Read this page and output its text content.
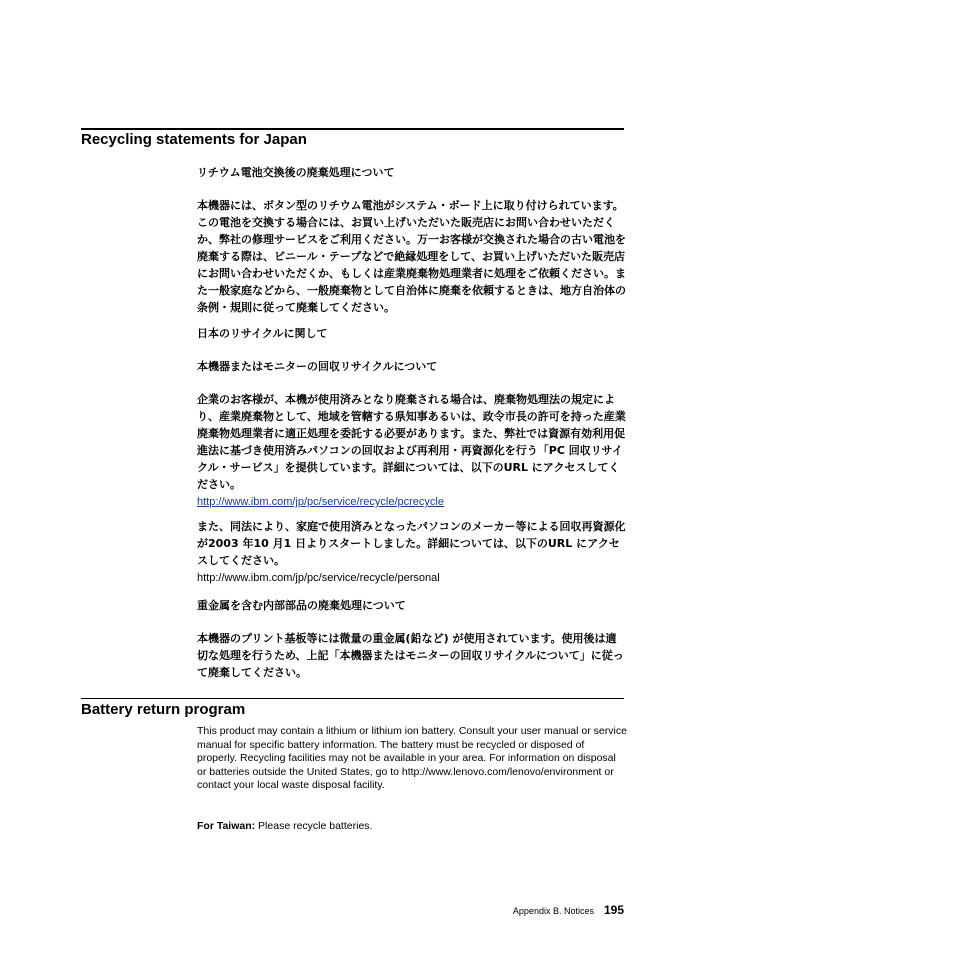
Recycling statements for Japan
リチウム電池交換後の廃棄処理について
本機器には、ボタン型のリチウム電池がシステム・ボード上に取り付けられています。この電池を交換する場合には、お買い上げいただいた販売店にお問い合わせいただくか、弊社の修理サービスをご利用ください。万一お客様が交換された場合の古い電池を廃棄する際は、ビニール・テープなどで絶縁処理をして、お買い上げいただいた販売店にお問い合わせいただくか、もしくは産業廃棄物処理業者に処理をご依頼ください。また一般家庭などから、一般廃棄物として自治体に廃棄を依頼するときは、地方自治体の条例・規則に従って廃棄してください。
日本のリサイクルに関して
本機器またはモニターの回収リサイクルについて
企業のお客様が、本機が使用済みとなり廃棄される場合は、廃棄物処理法の規定により、産業廃棄物として、地域を管轄する県知事あるいは、政令市長の許可を持った産業廃棄物処理業者に適正処理を委託する必要があります。また、弊社では資源有効利用促進法に基づき使用済みパソコンの回収および再利用・再資源化を行う「PC 回収リサイクル・サービス」を提供しています。詳細については、以下のURL にアクセスしてください。
http://www.ibm.com/jp/pc/service/recycle/pcrecycle
また、同法により、家庭で使用済みとなったパソコンのメーカー等による回収再資源化が2003 年10 月1 日よりスタートしました。詳細については、以下のURL にアクセスしてください。
http://www.ibm.com/jp/pc/service/recycle/personal
重金属を含む内部部品の廃棄処理について
本機器のプリント基板等には微量の重金属(鉛など) が使用されています。使用後は適切な処理を行うため、上記「本機器またはモニターの回収リサイクルについて」に従って廃棄してください。
Battery return program
This product may contain a lithium or lithium ion battery. Consult your user manual or service manual for specific battery information. The battery must be recycled or disposed of properly. Recycling facilities may not be available in your area. For information on disposal or batteries outside the United States, go to http://www.lenovo.com/lenovo/environment or contact your local waste disposal facility.
For Taiwan: Please recycle batteries.
Appendix B. Notices 195
